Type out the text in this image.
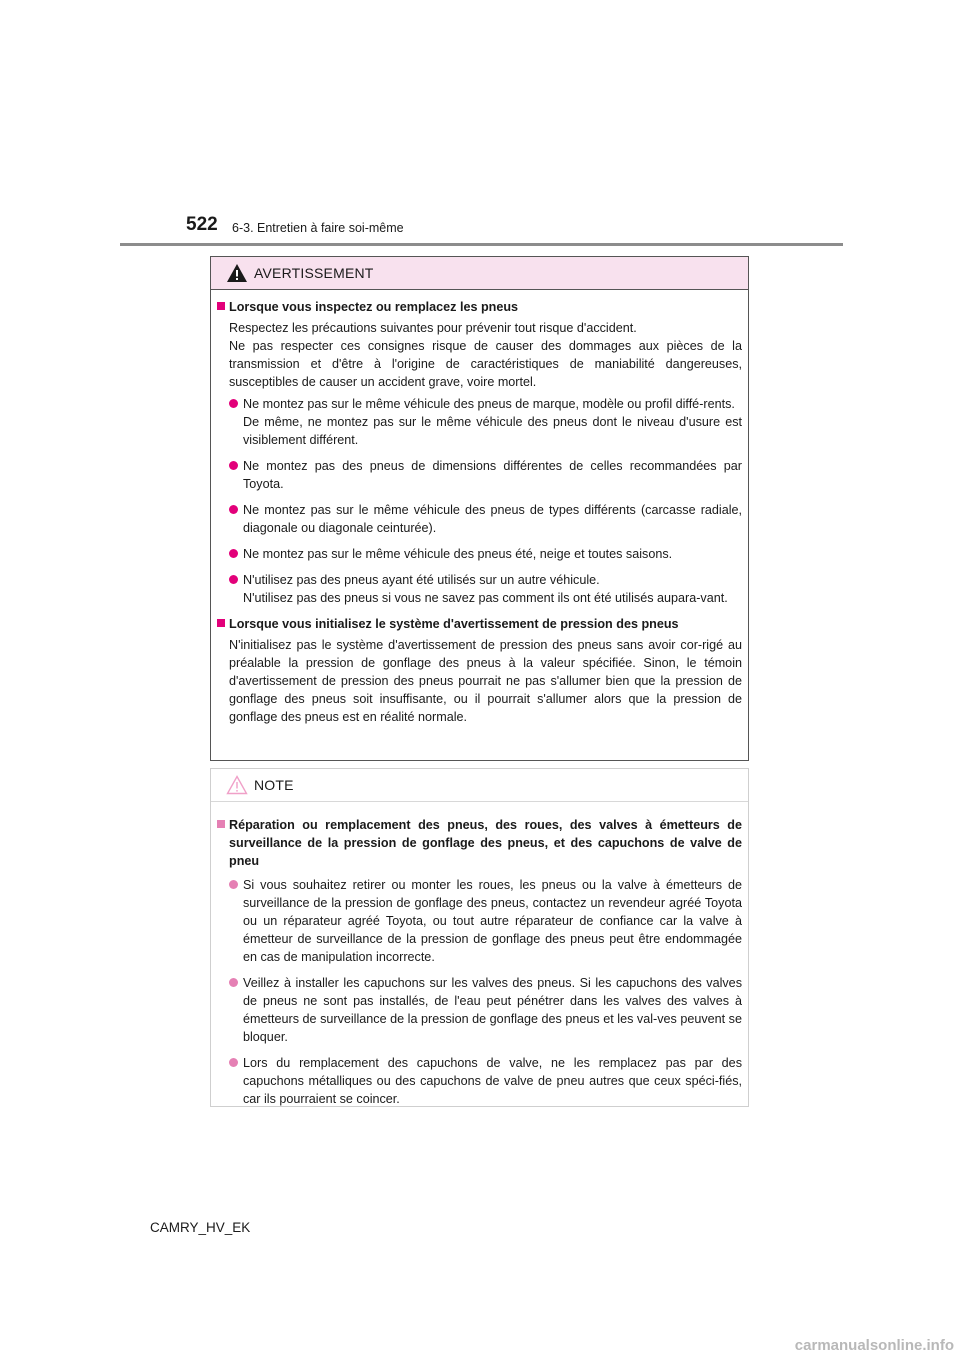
522 6-3. Entretien à faire soi-même
AVERTISSEMENT
Lorsque vous inspectez ou remplacez les pneus

Respectez les précautions suivantes pour prévenir tout risque d'accident.

Ne pas respecter ces consignes risque de causer des dommages aux pièces de la transmission et d'être à l'origine de caractéristiques de maniabilité dangereuses, susceptibles de causer un accident grave, voire mortel.

Ne montez pas sur le même véhicule des pneus de marque, modèle ou profil diffé-rents.

De même, ne montez pas sur le même véhicule des pneus dont le niveau d'usure est visiblement différent.

Ne montez pas des pneus de dimensions différentes de celles recommandées par Toyota.

Ne montez pas sur le même véhicule des pneus de types différents (carcasse radiale, diagonale ou diagonale ceinturée).

Ne montez pas sur le même véhicule des pneus été, neige et toutes saisons.

N'utilisez pas des pneus ayant été utilisés sur un autre véhicule.

N'utilisez pas des pneus si vous ne savez pas comment ils ont été utilisés aupara-vant.

Lorsque vous initialisez le système d'avertissement de pression des pneus

N'initialisez pas le système d'avertissement de pression des pneus sans avoir cor-rigé au préalable la pression de gonflage des pneus à la valeur spécifiée. Sinon, le témoin d'avertissement de pression des pneus pourrait ne pas s'allumer bien que la pression de gonflage des pneus soit insuffisante, ou il pourrait s'allumer alors que la pression de gonflage des pneus est en réalité normale.

NOTE
Réparation ou remplacement des pneus, des roues, des valves à émetteurs de surveillance de la pression de gonflage des pneus, et des capuchons de valve de pneu

Si vous souhaitez retirer ou monter les roues, les pneus ou la valve à émetteurs de surveillance de la pression de gonflage des pneus, contactez un revendeur agréé Toyota ou un réparateur agréé Toyota, ou tout autre réparateur de confiance car la valve à émetteur de surveillance de la pression de gonflage des pneus peut être endommagée en cas de manipulation incorrecte.

Veillez à installer les capuchons sur les valves des pneus. Si les capuchons des valves de pneus ne sont pas installés, de l'eau peut pénétrer dans les valves des valves à émetteurs de surveillance de la pression de gonflage des pneus et les val-ves peuvent se bloquer.

Lors du remplacement des capuchons de valve, ne les remplacez pas par des capuchons métalliques ou des capuchons de valve de pneu autres que ceux spéci-fiés, car ils pourraient se coincer.

CAMRY_HV_EK
carmanualsonline.info
